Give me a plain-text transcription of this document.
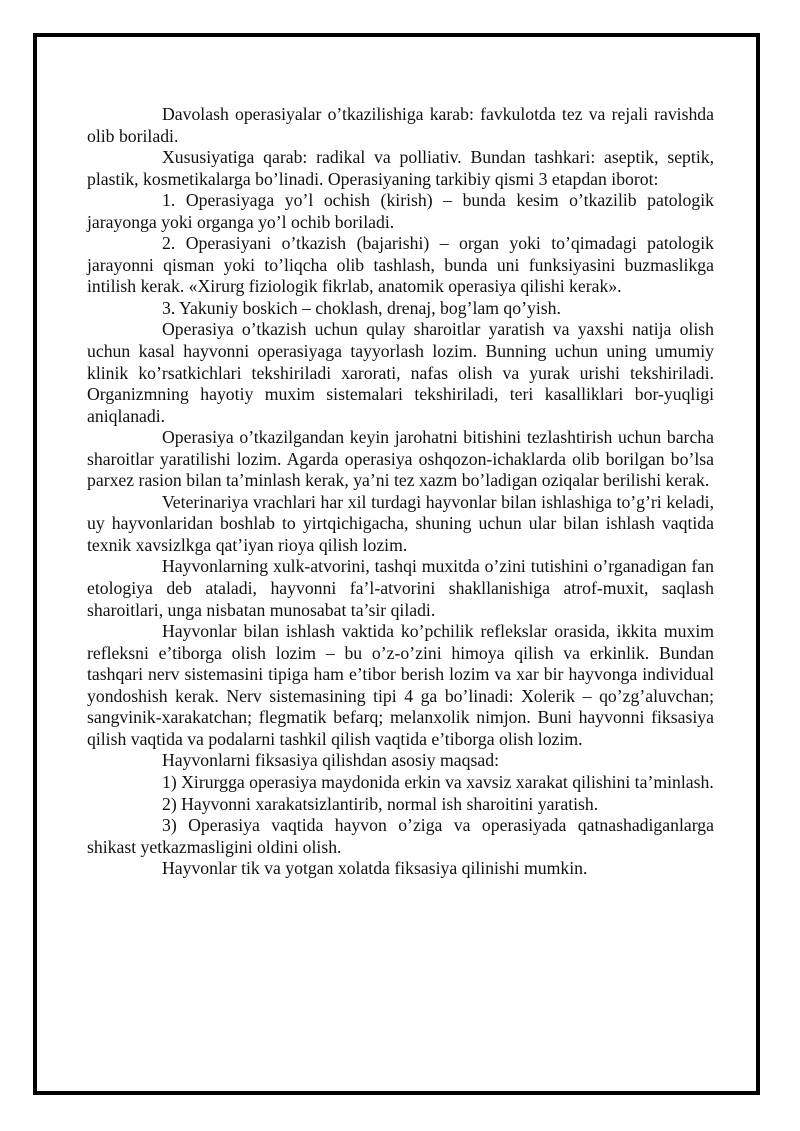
Davolash operasiyalar o’tkazilishiga karab: favkulotda tez va rejali ravishda olib boriladi.

Xususiyatiga qarab: radikal va polliativ. Bundan tashkari: aseptik, septik, plastik, kosmetikalarga bo’linadi. Operasiyaning tarkibiy qismi 3 etapdan iborot:

1. Operasiyaga yo’l ochish (kirish) – bunda kesim o’tkazilib patologik jarayonga yoki organga yo’l ochib boriladi.

2. Operasiyani o’tkazish (bajarishi) – organ yoki to’qimadagi patologik jarayonni qisman yoki to’liqcha olib tashlash, bunda uni funksiyasini buzmaslikga intilish kerak. «Xirurg fiziologik fikrlab, anatomik operasiya qilishi kerak».

3. Yakuniy boskich – choklash, drenaj, bog’lam qo’yish.

Operasiya o’tkazish uchun qulay sharoitlar yaratish va yaxshi natija olish uchun kasal hayvonni operasiyaga tayyorlash lozim. Bunning uchun uning umumiy klinik ko’rsatkichlari tekshiriladi xarorati, nafas olish va yurak urishi tekshiriladi. Organizmning hayotiy muxim sistemalari tekshiriladi, teri kasalliklari bor-yuqligi aniqlanadi.

Operasiya o’tkazilgandan keyin jarohatni bitishini tezlashtirish uchun barcha sharoitlar yaratilishi lozim. Agarda operasiya oshqozon-ichaklarda olib borilgan bo’lsa parxez rasion bilan ta’minlash kerak, ya’ni tez xazm bo’ladigan oziqalar berilishi kerak.

Veterinariya vrachlari har xil turdagi hayvonlar bilan ishlashiga to’g’ri keladi, uy hayvonlaridan boshlab to yirtqichigacha, shuning uchun ular bilan ishlash vaqtida texnik xavsizlkga qat’iyan rioya qilish lozim.

Hayvonlarning xulk-atvorini, tashqi muxitda o’zini tutishini o’rganadigan fan etologiya deb ataladi, hayvonni fa’l-atvorini shakllanishiga atrof-muxit, saqlash sharoitlari, unga nisbatan munosabat ta’sir qiladi.

Hayvonlar bilan ishlash vaktida ko’pchilik reflekslar orasida, ikkita muxim refleksni e’tiborga olish lozim – bu o’z-o’zini himoya qilish va erkinlik. Bundan tashqari nerv sistemasini tipiga ham e’tibor berish lozim va xar bir hayvonga individual yondoshish kerak. Nerv sistemasining tipi 4 ga bo’linadi: Xolerik – qo’zg’aluvchan; sangvinik-xarakatchan; flegmatik befarq; melanxolik nimjon. Buni hayvonni fiksasiya qilish vaqtida va podalarni tashkil qilish vaqtida e’tiborga olish lozim.

Hayvonlarni fiksasiya qilishdan asosiy maqsad:

1) Xirurgga operasiya maydonida erkin va xavsiz xarakat qilishini ta’minlash.

2) Hayvonni xarakatsizlantirib, normal ish sharoitini yaratish.

3) Operasiya vaqtida hayvon o’ziga va operasiyada qatnashadiganlarga shikast yetkazmasligini oldini olish.

Hayvonlar tik va yotgan xolatda fiksasiya qilinishi mumkin.
